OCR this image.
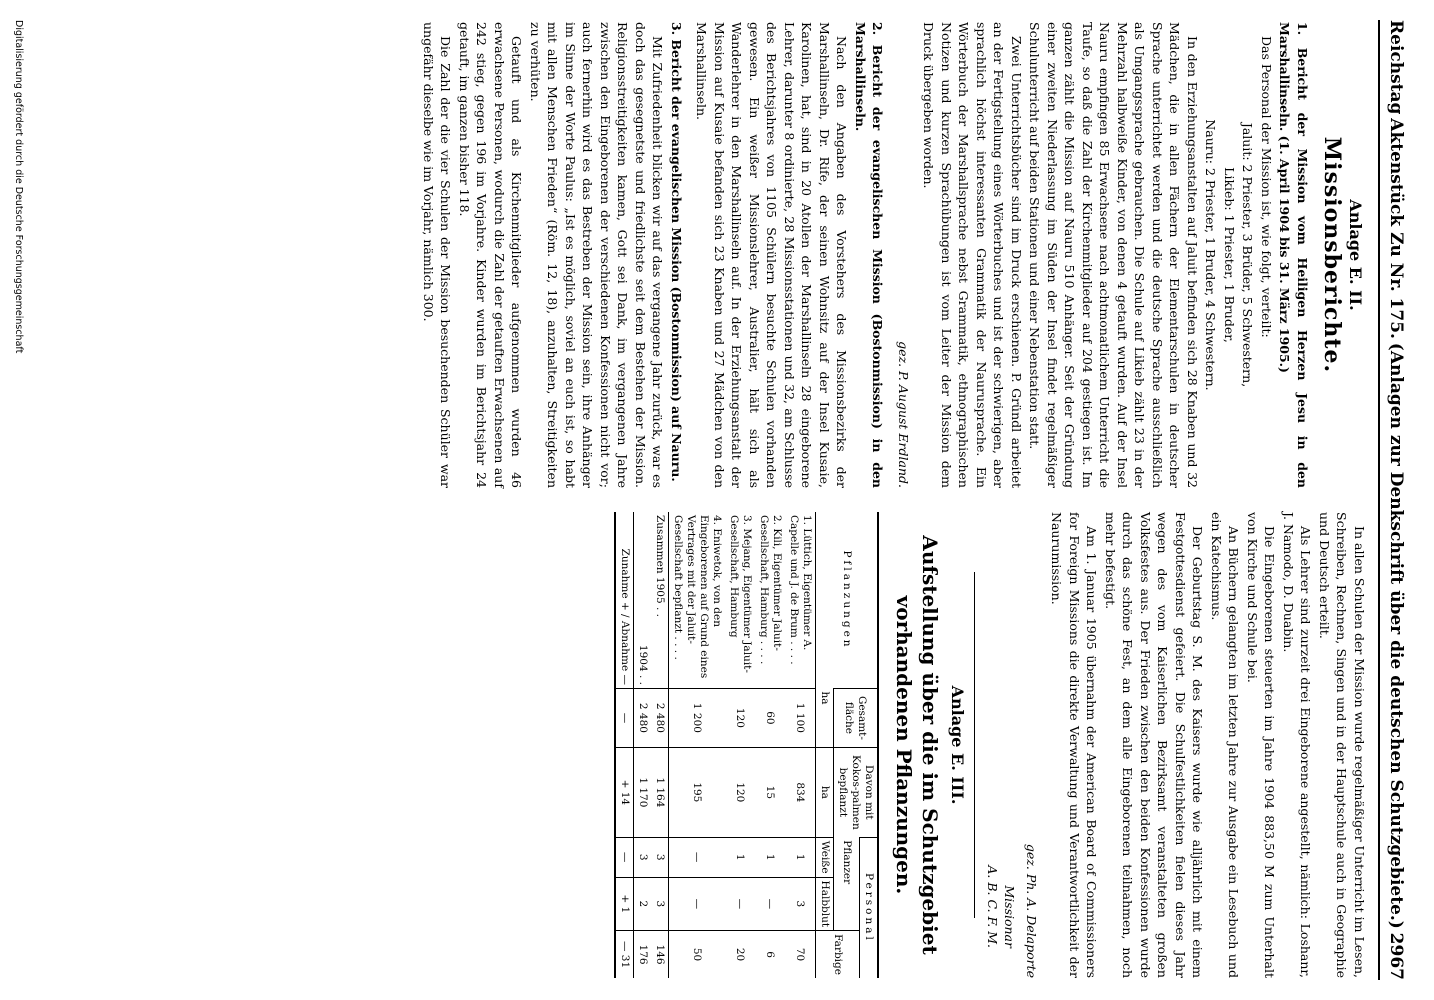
Reichstag
Aktenstück Zu Nr. 175.
(Anlagen zur Denkschrift über die deutschen Schutzgebiete.)
2967
Anlage E. II.
Missionsberichte.

1. Bericht der Mission vom Heiligen Herzen Jesu in den Marshallinseln. (1. April 1904 bis 31. März 1905.)

Das Personal der Mission ist, wie folgt, verteilt:

Jaluit: 2 Priester, 3 Brüder, 5 Schwestern,

Likieb: 1 Priester, 1 Bruder,

Nauru: 2 Priester, 1 Bruder, 4 Schwestern.

In den Erziehungsanstalten auf Jaluit befinden sich 28 Knaben und 32 Mädchen, die in allen Fächern der Elementarschulen in deutscher Sprache unterrichtet werden und die deutsche Sprache ausschließlich als Umgangssprache gebrauchen. Die Schule auf Likieb zählt 23 in der Mehrzahl halbweiße Kinder, von denen 4 getauft wurden. Auf der Insel Nauru empfingen 85 Erwachsene nach achtmonatlichem Unterricht die Taufe, so daß die Zahl der Kirchenmitglieder auf 204 gestiegen ist. Im ganzen zählt die Mission auf Nauru 510 Anhänger. Seit der Gründung einer zweiten Niederlassung im Süden der Insel findet regelmäßiger Schulunterricht auf beiden Stationen und einer Nebenstation statt.

Zwei Unterrichtsbücher sind im Druck erschienen. P. Gründl arbeitet an der Fertigstellung eines Wörterbuches und ist der schwierigen, aber sprachlich höchst interessanten Grammatik der Naurusprache. Ein Wörterbuch der Marshallsprache nebst Grammatik, ethnographischen Notizen und kurzen Sprachübungen ist vom Leiter der Mission dem Druck übergeben worden.

gez. P. August Erdland.

2. Bericht der evangelischen Mission (Bostonmission) in den Marshallinseln.

Nach den Angaben des Vorstehers des Missionsbezirks der Marshallinseln, Dr. Rife, der seinen Wohnsitz auf der Insel Kusaie, Karolinen, hat, sind in 20 Atollen der Marshallinseln 28 eingeborene Lehrer, darunter 8 ordinierte, 28 Missionsstationen und 32, am Schlusse des Berichtsjahres von 1105 Schülern besuchte Schulen vorhanden gewesen. Ein weißer Missionslehrer, Australier, hält sich als Wanderlehrer in den Marshallinseln auf. In der Erziehungsanstalt der Mission auf Kusaie befanden sich 23 Knaben und 27 Mädchen von den Marshallinseln.

3. Bericht der evangelischen Mission (Bostonmission) auf Nauru.

Mit Zufriedenheit blicken wir auf das vergangene Jahr zurück, war es doch das gesegnetste und friedlichste seit dem Bestehen der Mission. Religionsstreitigkeiten kamen, Gott sei Dank, im vergangenen Jahre zwischen den Eingeborenen der verschiedenen Konfessionen nicht vor; auch fernerhin wird es das Bestreben der Mission sein, ihre Anhänger im Sinne der Worte Paulus: „Ist es möglich, soviel an euch ist, so habt mit allen Menschen Frieden“ (Röm. 12, 18), anzuhalten, Streitigkeiten zu verhüten.

Getauft und als Kirchenmitglieder aufgenommen wurden 46 erwachsene Personen, wodurch die Zahl der getauften Erwachsenen auf 242 stieg, gegen 196 im Vorjahre. Kinder wurden im Berichtsjahr 24 getauft, im ganzen bisher 118.

Die Zahl der die vier Schulen der Mission besuchenden Schüler war ungefähr dieselbe wie im Vorjahr, nämlich 300.

In allen Schulen der Mission wurde regelmäßiger Unterricht im Lesen, Schreiben, Rechnen, Singen und in der Hauptschule auch in Geographie und Deutsch erteilt.

Als Lehrer sind zurzeit drei Eingeborene angestellt, nämlich: Loshanr, J. Namodo, D. Duabin.

Die Eingeborenen steuerten im Jahre 1904 883,50 M zum Unterhalt von Kirche und Schule bei.

An Büchern gelangten im letzten Jahre zur Ausgabe ein Lesebuch und ein Katechismus.

Der Geburtstag S. M. des Kaisers wurde wie alljährlich mit einem Festgottesdienst gefeiert. Die Schulfestlichkeiten fielen dieses Jahr wegen des vom Kaiserlichen Bezirksamt veranstalteten großen Volksfestes aus. Der Frieden zwischen den beiden Konfessionen wurde durch das schöne Fest, an dem alle Eingeborenen teilnahmen, noch mehr befestigt.

Am 1. Januar 1905 übernahm der American Board of Commissioners for Foreign Missions die direkte Verwaltung und Verantwortlichkeit der Naurumission.

gez. Ph. A. Delaporte

Missionar

A. B. C. F. M.

Anlage E. III.
Aufstellung über die im Schutzgebiet vorhandenen Pflanzungen.
Pflanzungen	Gesamt-fläche	Davon mit Kokos-palmen bepflanzt	Personal		
			Pflanzer		Farbige
	ha	ha	Weiße	Halbblut	
1. Lüttich, Eigentümer A. Capelle und J. de Brum . . . .	1 100	834	1	3	70
2. Kili, Eigentümer Jaluit-Gesellschaft, Hamburg . . . .	60	15	1	—	6
3. Mejang, Eigentümer Jaluit-Gesellschaft, Hamburg	120	120	1	—	20
4. Eniwetok, von den Eingeborenen auf Grund eines Vertrages mit der Jaluit-Gesellschaft bepflanzt . . . .	1 200	195	—	—	50
Zusammen 1905 . .	2 480	1 164	3	3	146
1904 . .	2 480	1 170	3	2	176
Zunahme + / Abnahme —	—	+ 14	—	+ 1	— 31
Digitalisierung gefördert durch die Deutsche Forschungsgemeinschaft
